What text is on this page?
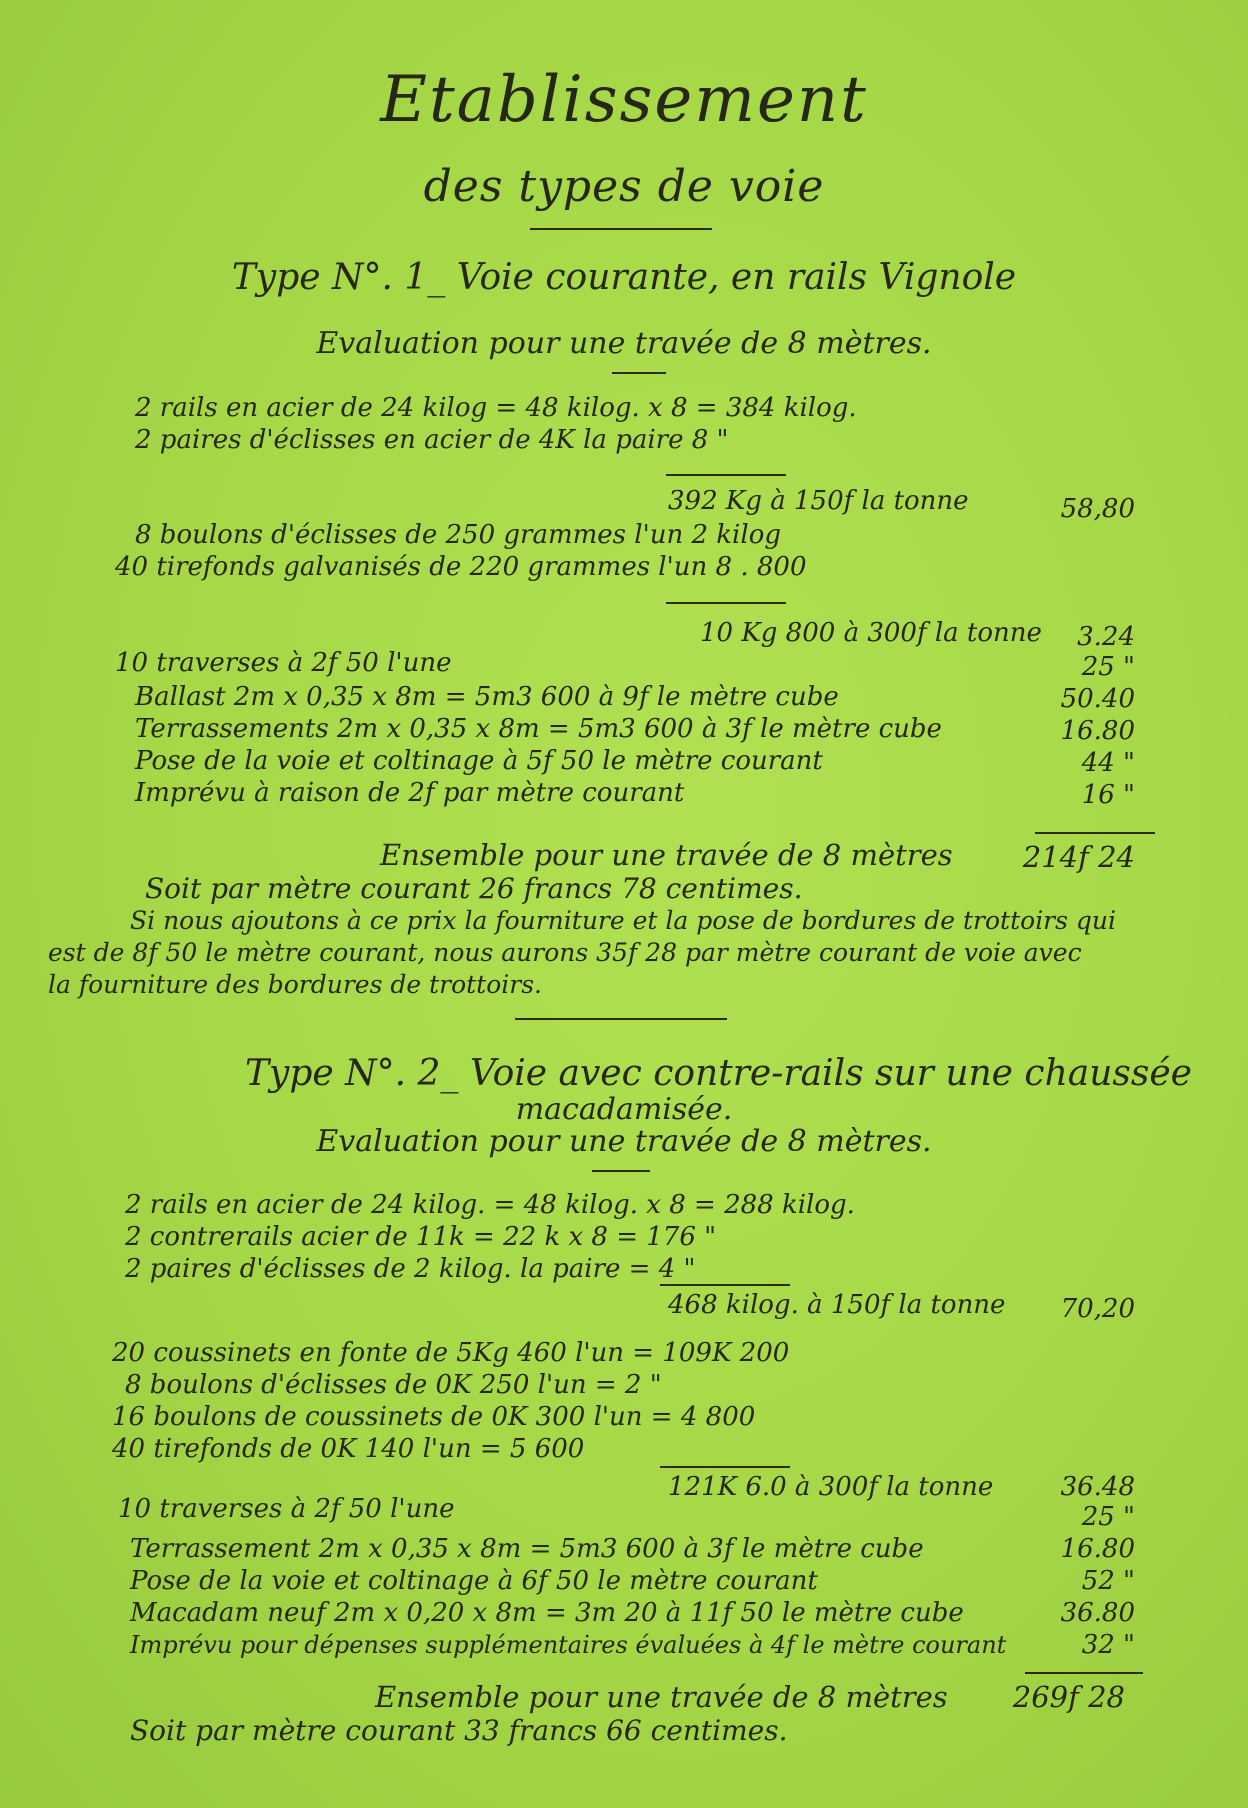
Etablissement
des types de voie
Type N°. 1_ Voie courante, en rails Vignole
Evaluation pour une travée de 8 mètres.
2 rails en acier de 24 kilog = 48 kilog. x 8 = 384 kilog.
2 paires d'éclisses en acier de 4K la paire 8 "
392 Kg à 150f la tonne	58,80
8 boulons d'éclisses de 250 grammes l'un 2 kilog
40 tirefonds galvanisés de 220 grammes l'un 8 . 800
10 Kg 800 à 300f la tonne	3.24
10 traverses à 2f 50 l'une	25 "
Ballast 2m x 0,35 x 8m = 5m3 600 à 9f le mètre cube	50.40
Terrassements 2m x 0,35 x 8m = 5m3 600 à 3f le mètre cube	16.80
Pose de la voie et coltinage à 5f 50 le mètre courant	44 "
Imprévu à raison de 2f par mètre courant	16 "
Ensemble pour une travée de 8 mètres	214f 24
Soit par mètre courant 26 francs 78 centimes.
Si nous ajoutons à ce prix la fourniture et la pose de bordures de trottoirs qui
est de 8f 50 le mètre courant, nous aurons 35f 28 par mètre courant de voie avec
la fourniture des bordures de trottoirs.
Type N°. 2_ Voie avec contre-rails sur une chaussée
macadamisée.
Evaluation pour une travée de 8 mètres.
2 rails en acier de 24 kilog. = 48 kilog. x 8 = 288 kilog.
2 contrerails acier de 11k = 22 k x 8 = 176 "
2 paires d'éclisses de 2 kilog. la paire = 4 "
468 kilog. à 150f la tonne	70,20
20 coussinets en fonte de 5Kg 460 l'un = 109K 200
8 boulons d'éclisses de 0K 250 l'un = 2 "
16 boulons de coussinets de 0K 300 l'un = 4 800
40 tirefonds de 0K 140 l'un = 5 600
121K 6.0 à 300f la tonne	36.48
10 traverses à 2f 50 l'une	25 "
Terrassement 2m x 0,35 x 8m = 5m3 600 à 3f le mètre cube	16.80
Pose de la voie et coltinage à 6f 50 le mètre courant	52 "
Macadam neuf 2m x 0,20 x 8m = 3m 20 à 11f 50 le mètre cube	36.80
Imprévu pour dépenses supplémentaires évaluées à 4f le mètre courant	32 "
Ensemble pour une travée de 8 mètres	269f 28
Soit par mètre courant 33 francs 66 centimes.
